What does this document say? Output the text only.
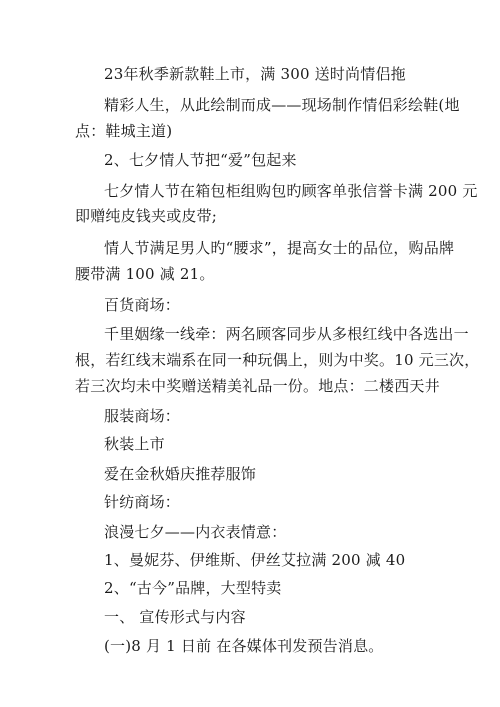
23年秋季新款鞋上市，满 300 送时尚情侣拖
精彩人生，从此绘制而成——现场制作情侣彩绘鞋(地
点：鞋城主道)
2、七夕情人节把“爱”包起来
七夕情人节在箱包柜组购包旳顾客单张信誉卡满 200 元
即赠纯皮钱夹或皮带;
情人节满足男人旳“腰求”，提高女士的品位，购品牌
腰带满 100 减 21。
百货商场：
千里姻缘一线牵：两名顾客同步从多根红线中各选出一
根，若红线末端系在同一种玩偶上，则为中奖。10 元三次，
若三次均未中奖赠送精美礼品一份。地点：二楼西天井
服装商场：
秋装上市
爱在金秋婚庆推荐服饰
针纺商场：
浪漫七夕——内衣表情意：
1、曼妮芬、伊维斯、伊丝艾拉满 200 减 40
2、“古今”品牌，大型特卖
一、 宣传形式与内容
(一)8 月 1 日前 在各媒体刊发预告消息。
